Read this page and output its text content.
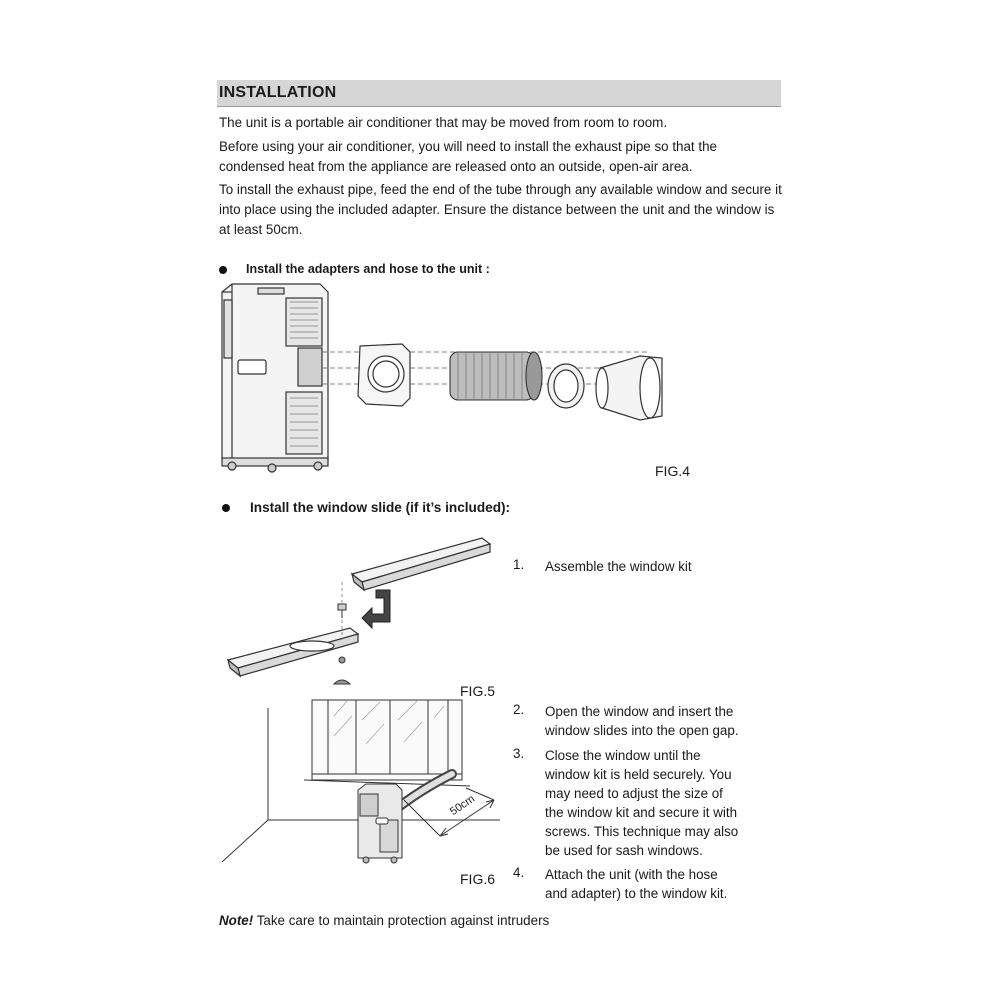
INSTALLATION
The unit is a portable air conditioner that may be moved from room to room.
Before using your air conditioner, you will need to install the exhaust pipe so that the
condensed heat from the appliance are released onto an outside, open-air area.
To install the exhaust pipe, feed the end of the tube through any available window and secure it
into place using the included adapter. Ensure the distance between the unit and the window is
at least 50cm.
Install the adapters and hose to the unit :
FIG.4
Install the window slide (if it’s included):
FIG.5
50cm
FIG.6
1. Assemble the window kit
2. Open the window and insert the
window slides into the open gap.
3. Close the window until the
window kit is held securely. You
may need to adjust the size of
the window kit and secure it with
screws. This technique may also
be used for sash windows.
4. Attach the unit (with the hose
and adapter) to the window kit.
Note! Take care to maintain protection against intruders
